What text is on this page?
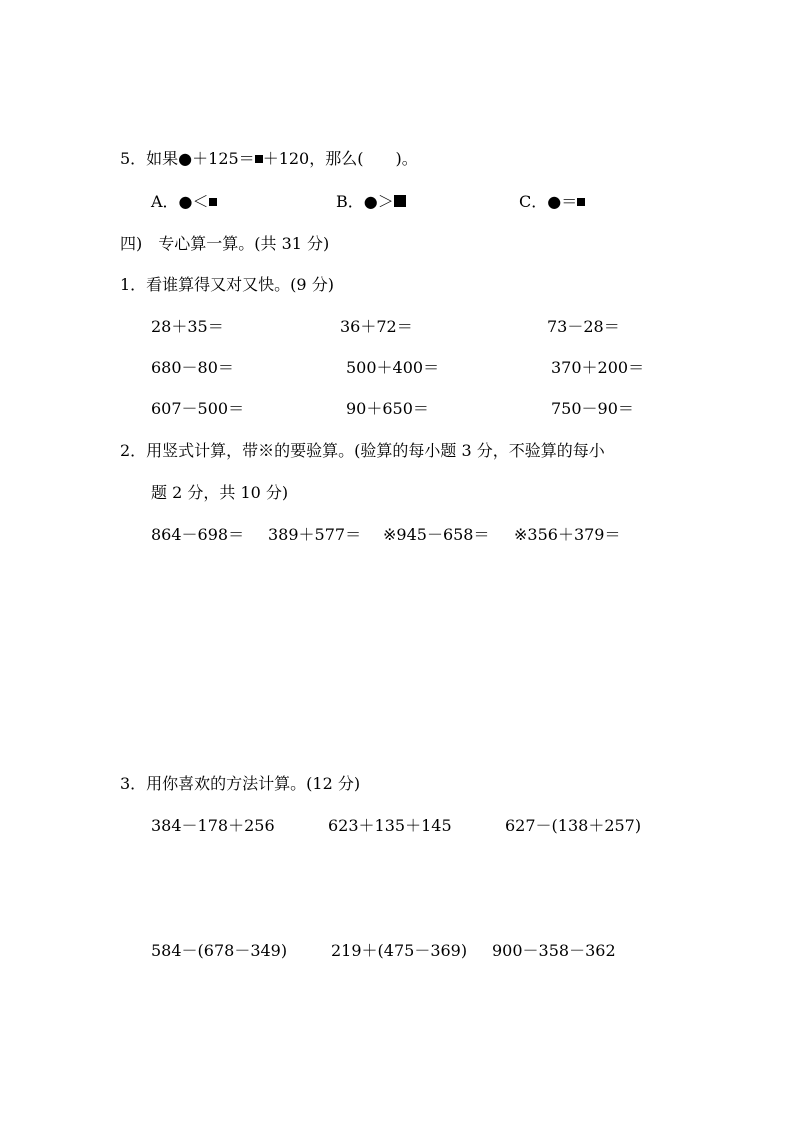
5．如果●＋125＝ ＋120，那么(　　)。
A．●＜	B．●＞	C．●＝
四)　专心算一算。(共 31 分)
1．看谁算得又对又快。(9 分)
28＋35＝	36＋72＝	73－28＝
680－80＝	500＋400＝	370＋200＝
607－500＝	90＋650＝	750－90＝
2．用竖式计算，带※的要验算。(验算的每小题 3 分，不验算的每小
题 2 分，共 10 分)
864－698＝ 389＋577＝ ※945－658＝ ※356＋379＝
3．用你喜欢的方法计算。(12 分)
384－178＋256	623＋135＋145	627－(138＋257)
584－(678－349)	219＋(475－369) 900－358－362
